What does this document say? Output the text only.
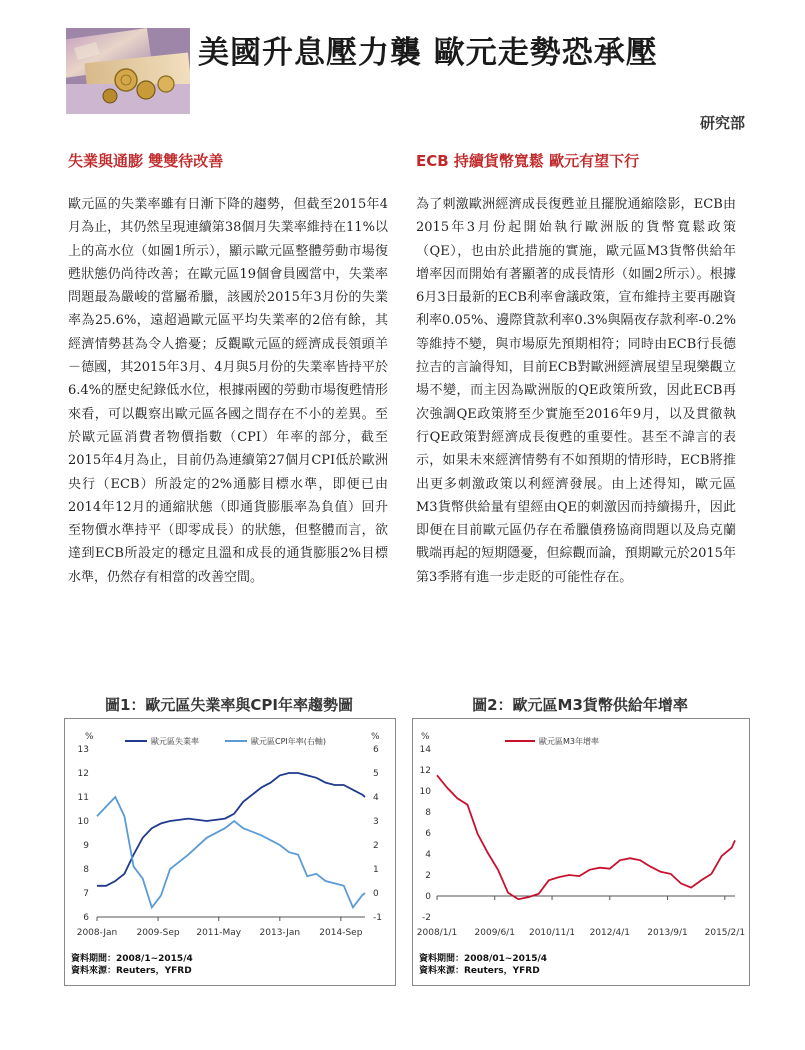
美國升息壓力襲 歐元走勢恐承壓
研究部
失業與通膨 雙雙待改善	ECB 持續貨幣寬鬆 歐元有望下行
歐元區的失業率雖有日漸下降的趨勢，但截至2015年4月為止，其仍然呈現連續第38個月失業率維持在11%以上的高水位（如圖1所示），顯示歐元區整體勞動市場復甦狀態仍尚待改善；在歐元區19個會員國當中，失業率問題最為嚴峻的當屬希臘，該國於2015年3月份的失業率為25.6%，遠超過歐元區平均失業率的2倍有餘，其經濟情勢甚為令人擔憂；反觀歐元區的經濟成長領頭羊－德國，其2015年3月、4月與5月份的失業率皆持平於6.4%的歷史紀錄低水位，根據兩國的勞動市場復甦情形來看，可以觀察出歐元區各國之間存在不小的差異。至於歐元區消費者物價指數（CPI）年率的部分，截至2015年4月為止，目前仍為連續第27個月CPI低於歐洲央行（ECB）所設定的2%通膨目標水準，即便已由2014年12月的通縮狀態（即通貨膨脹率為負值）回升至物價水準持平（即零成長）的狀態，但整體而言，欲達到ECB所設定的穩定且溫和成長的通貨膨脹2%目標水準，仍然存有相當的改善空間。
為了刺激歐洲經濟成長復甦並且擺脫通縮陰影，ECB由2015年3月份起開始執行歐洲版的貨幣寬鬆政策（QE），也由於此措施的實施，歐元區M3貨幣供給年增率因而開始有著顯著的成長情形（如圖2所示）。根據6月3日最新的ECB利率會議政策，宣布維持主要再融資利率0.05%、邊際貸款利率0.3%與隔夜存款利率-0.2%等維持不變，與市場原先預期相符；同時由ECB行長德拉吉的言論得知，目前ECB對歐洲經濟展望呈現樂觀立場不變，而主因為歐洲版的QE政策所致，因此ECB再次強調QE政策將至少實施至2016年9月，以及貫徹執行QE政策對經濟成長復甦的重要性。甚至不諱言的表示，如果未來經濟情勢有不如預期的情形時，ECB將推出更多刺激政策以利經濟發展。由上述得知，歐元區M3貨幣供給量有望經由QE的刺激因而持續揚升，因此即便在目前歐元區仍存在希臘債務協商問題以及烏克蘭戰端再起的短期隱憂，但綜觀而論，預期歐元於2015年第3季將有進一步走貶的可能性存在。
圖1：歐元區失業率與CPI年率趨勢圖	圖2：歐元區M3貨幣供給年增率
%	%
6
7
8
9
10
11
12
13
-1
0
1
2
3
4
5
6
2008-Jan 2009-Sep 2011-May 2013-Jan 2014-Sep
歐元區失業率	歐元區CPI年率(右軸)
資料期間：2008/1~2015/4
資料來源：Reuters，YFRD
%
-2
0
2
4
6
8
10
12
14
2008/1/1 2009/6/1 2010/11/1 2012/4/1 2013/9/1 2015/2/1
歐元區M3年增率
資料期間：2008/01~2015/4
資料來源：Reuters，YFRD
